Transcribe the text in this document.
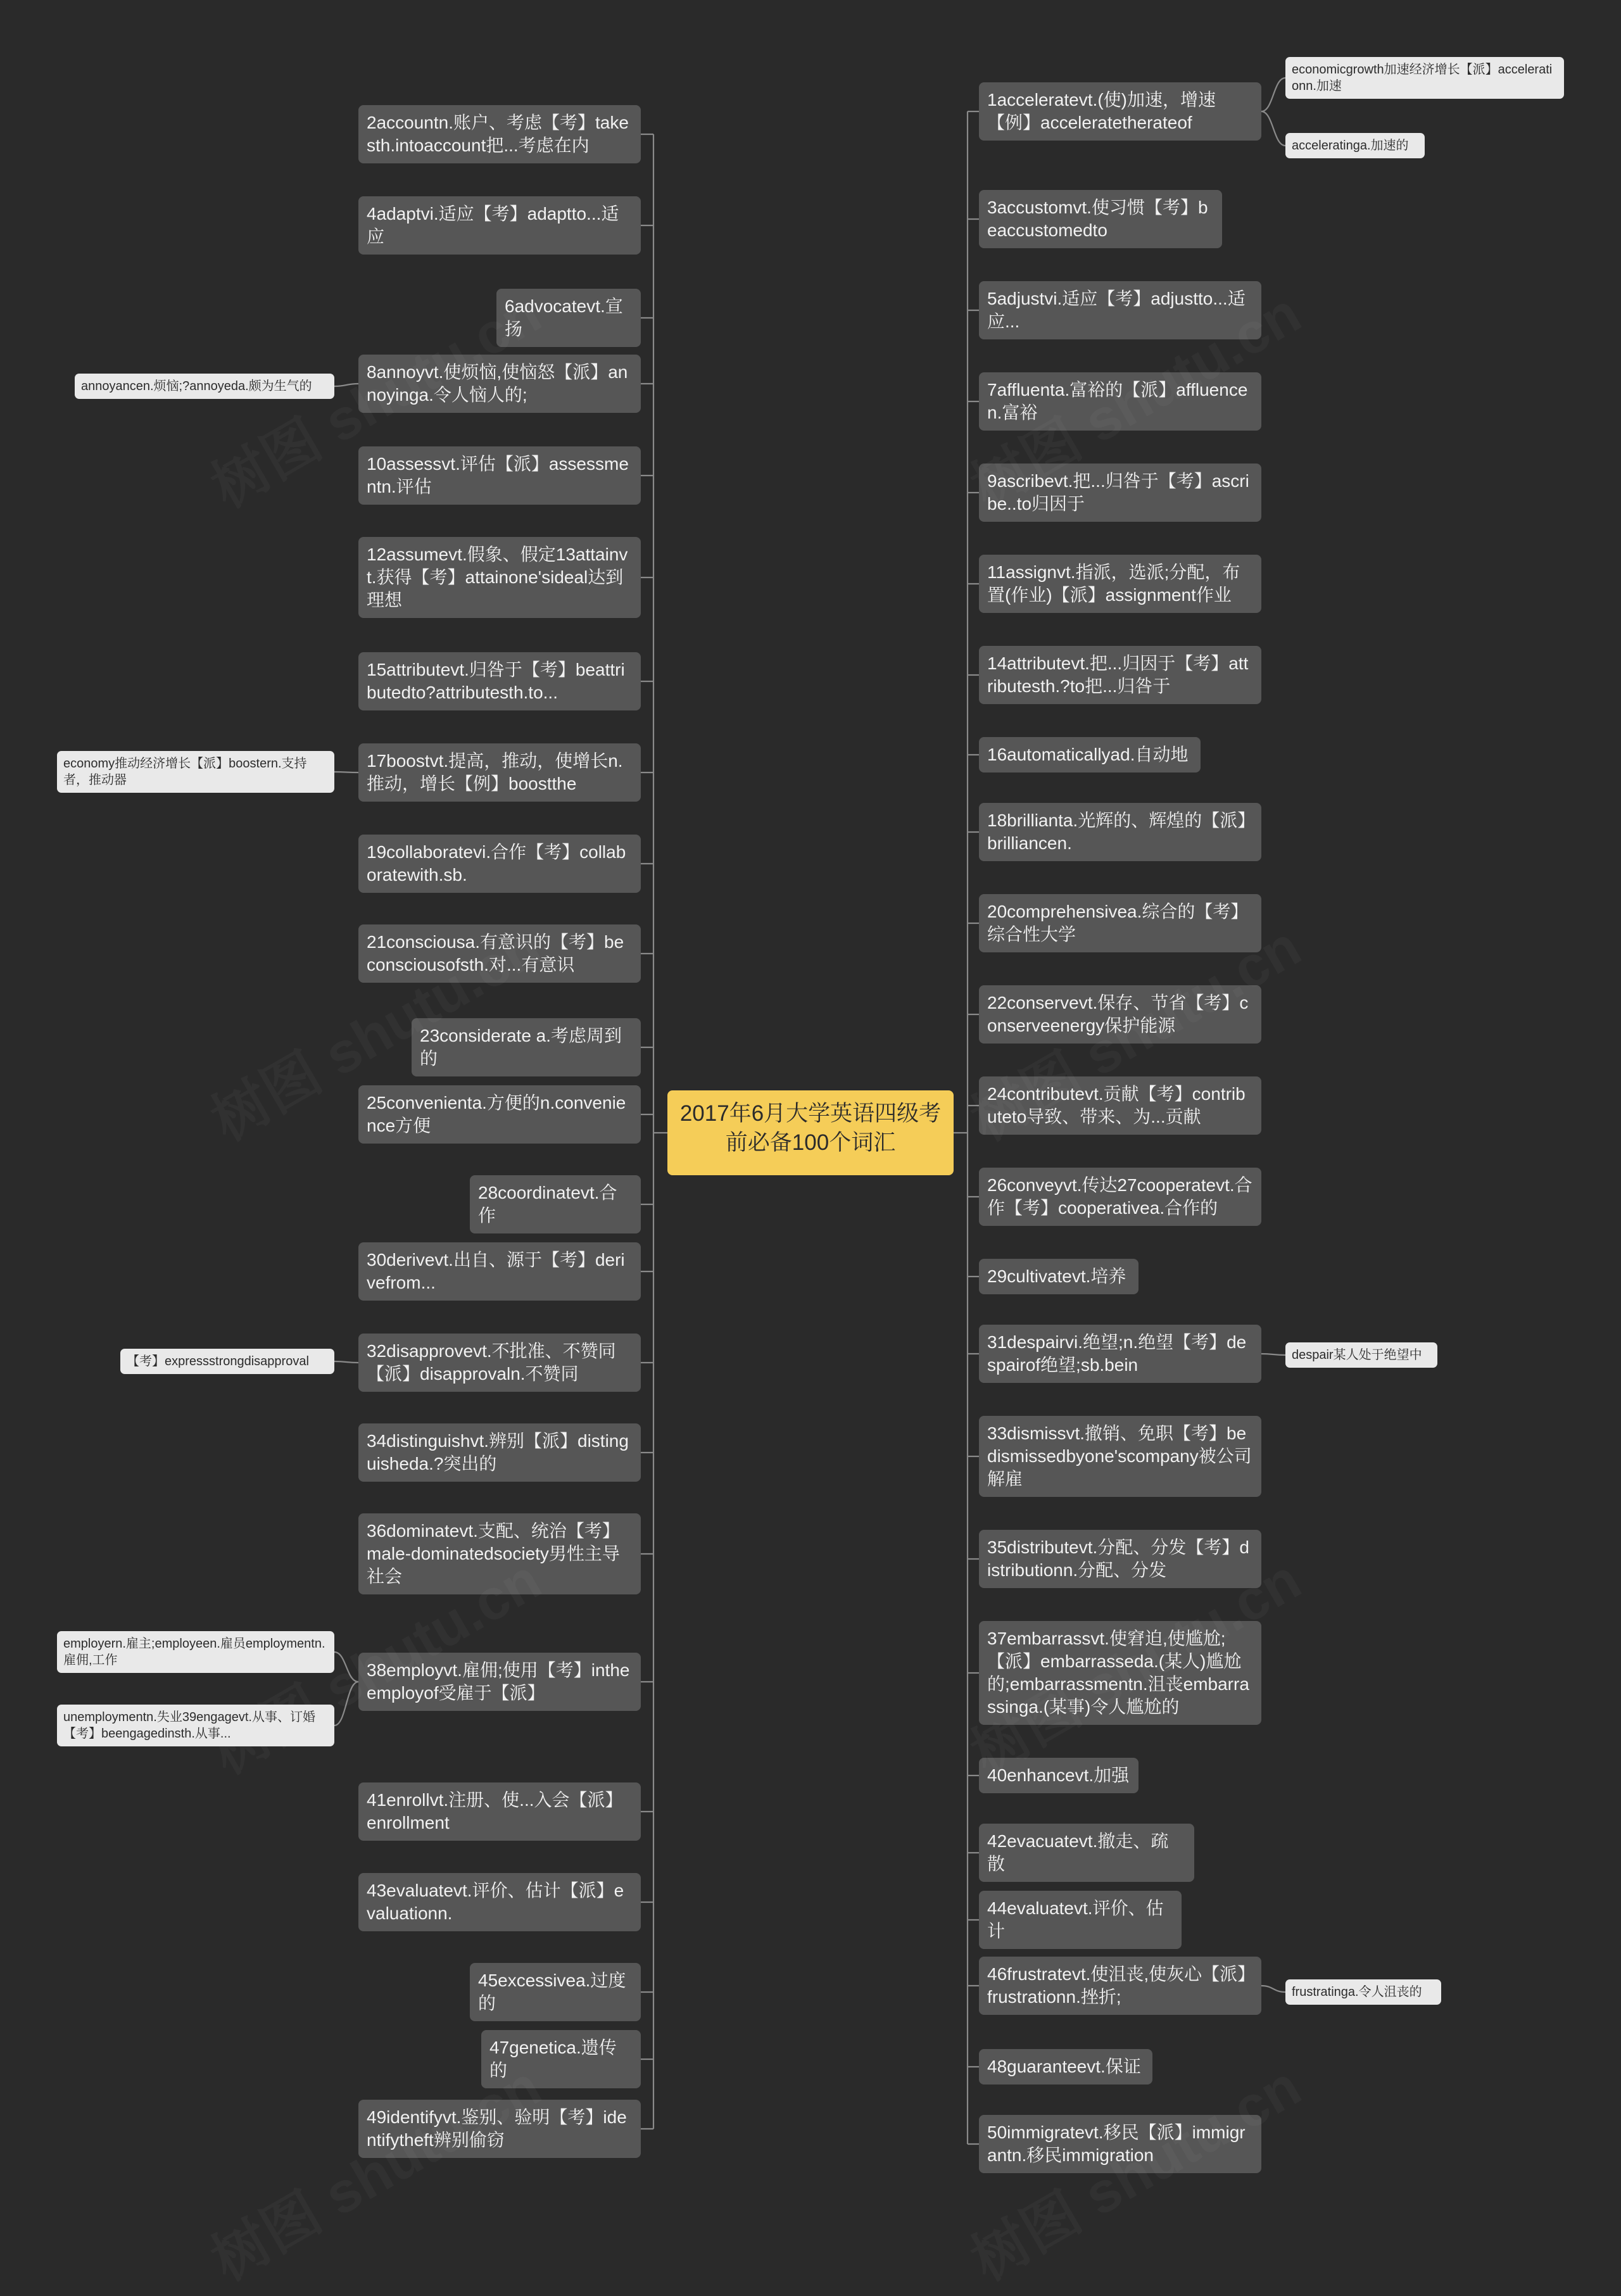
2017年6月大学英语四级考前必备100个词汇
2accountn.账户、考虑【考】takesth.intoaccount把...考虑在内
4adaptvi.适应【考】adaptto...适应
6advocatevt.宣扬
8annoyvt.使烦恼,使恼怒【派】annoyinga.令人恼人的;
annoyancen.烦恼;?annoyeda.颇为生气的
10assessvt.评估【派】assessmentn.评估
12assumevt.假象、假定13attainvt.获得【考】attainone'sideal达到理想
15attributevt.归咎于【考】beattributedto?attributesth.to...
17boostvt.提高，推动，使增长n.推动，增长【例】boostthe
economy推动经济增长【派】boostern.支持者，推动器
19collaboratevi.合作【考】collaboratewith.sb.
21consciousa.有意识的【考】beconsciousofsth.对...有意识
23considerate a.考虑周到的
25convenienta.方便的n.convenience方便
28coordinatevt.合作
30derivevt.出自、源于【考】derivefrom...
32disapprovevt.不批准、不赞同【派】disapprovaln.不赞同
【考】expressstrongdisapproval
34distinguishvt.辨别【派】distinguisheda.?突出的
36dominatevt.支配、统治【考】male-dominatedsociety男性主导社会
38employvt.雇佣;使用【考】intheemployof受雇于【派】
employern.雇主;employeen.雇员employmentn.雇佣,工作
unemploymentn.失业39engagevt.从事、订婚【考】beengagedinsth.从事...
41enrollvt.注册、使...入会【派】enrollment
43evaluatevt.评价、估计【派】evaluationn.
45excessivea.过度的
47genetica.遗传的
49identifyvt.鉴别、验明【考】identifytheft辨别偷窃
1acceleratevt.(使)加速，增速【例】acceleratetherateof
economicgrowth加速经济增长【派】accelerationn.加速
acceleratinga.加速的
3accustomvt.使习惯【考】beaccustomedto
5adjustvi.适应【考】adjustto...适应...
7affluenta.富裕的【派】affluencen.富裕
9ascribevt.把...归咎于【考】ascribe..to归因于
11assignvt.指派，选派;分配，布置(作业)【派】assignment作业
14attributevt.把...归因于【考】attributesth.?to把...归咎于
16automaticallyad.自动地
18brillianta.光辉的、辉煌的【派】brilliancen.
20comprehensivea.综合的【考】综合性大学
22conservevt.保存、节省【考】conserveenergy保护能源
24contributevt.贡献【考】contributeto导致、带来、为...贡献
26conveyvt.传达27cooperatevt.合作【考】cooperativea.合作的
29cultivatevt.培养
31despairvi.绝望;n.绝望【考】despairof绝望;sb.bein	despair某人处于绝望中
33dismissvt.撤销、免职【考】bedismissedbyone'scompany被公司解雇
35distributevt.分配、分发【考】distributionn.分配、分发
37embarrassvt.使窘迫,使尴尬;【派】embarrasseda.(某人)尴尬的;embarrassmentn.沮丧embarrassinga.(某事)令人尴尬的
40enhancevt.加强
42evacuatevt.撤走、疏散
44evaluatevt.评价、估计
46frustratevt.使沮丧,使灰心【派】frustrationn.挫折;	frustratinga.令人沮丧的
48guaranteevt.保证
50immigratevt.移民【派】immigrantn.移民immigration
